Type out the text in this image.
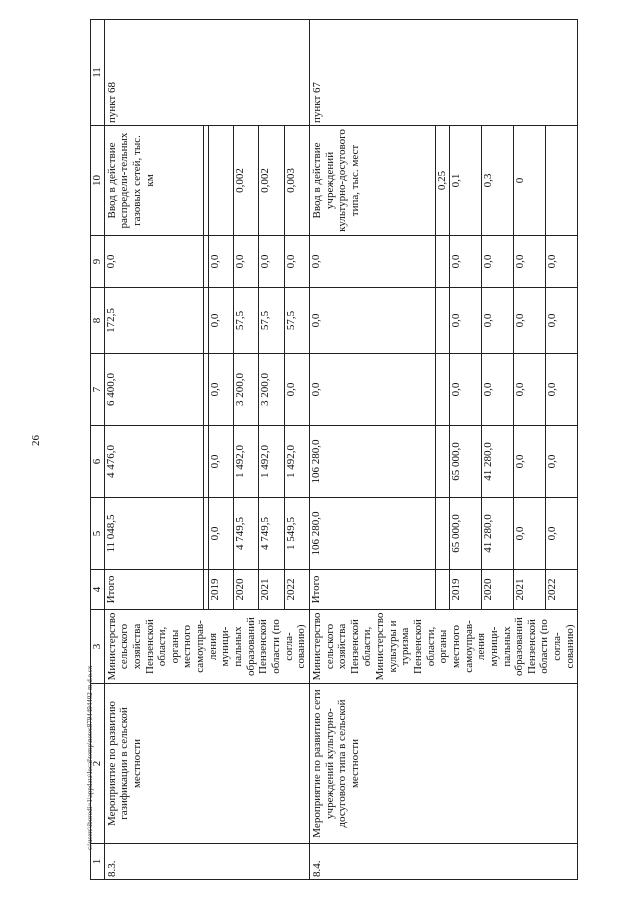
26
c:\users\iborodi~1\appdata\local\temp\notes8794494402-m.d.o.cx
1	2	3	4	5	6	7	8	9	10	11
8.3.	Мероприятие по развитию газификации в сельской местности	Министерство сельского хозяйства Пензенской области, органы местного самоуправ-ления муници-пальных образований Пензенской области (по согла-сованию)	Итого	11 048,5	4 476,0	6 400,0	172,5	0,0	Ввод в действие распредели-тельных газовых сетей, тыс. км	пункт 68

			2019	0,0	0,0	0,0	0,0	0,0		
			2020	4 749,5	1 492,0	3 200,0	57,5	0,0	0,002	
			2021	4 749,5	1 492,0	3 200,0	57,5	0,0	0,002	
			2022	1 549,5	1 492,0	0,0	57,5	0,0	0,003	
8.4.	Мероприятие по развитию сети учреждений культурно-досугового типа в сельской местности	Министерство сельского хозяйства Пензенской области, Министерство культуры и туризма Пензенской области, органы местного самоуправ-ления муници-пальных образований Пензенской области (по согла-сованию)	Итого	106 280,0	106 280,0	0,0	0,0	0,0	Ввод в действие учреждений культурно-досугового типа, тыс. мест	пункт 67
									0,25	
			2019	65 000,0	65 000,0	0,0	0,0	0,0	0,1	
			2020	41 280,0	41 280,0	0,0	0,0	0,0	0,3	
			2021	0,0	0,0	0,0	0,0	0,0	0	
			2022	0,0	0,0	0,0	0,0	0,0		
